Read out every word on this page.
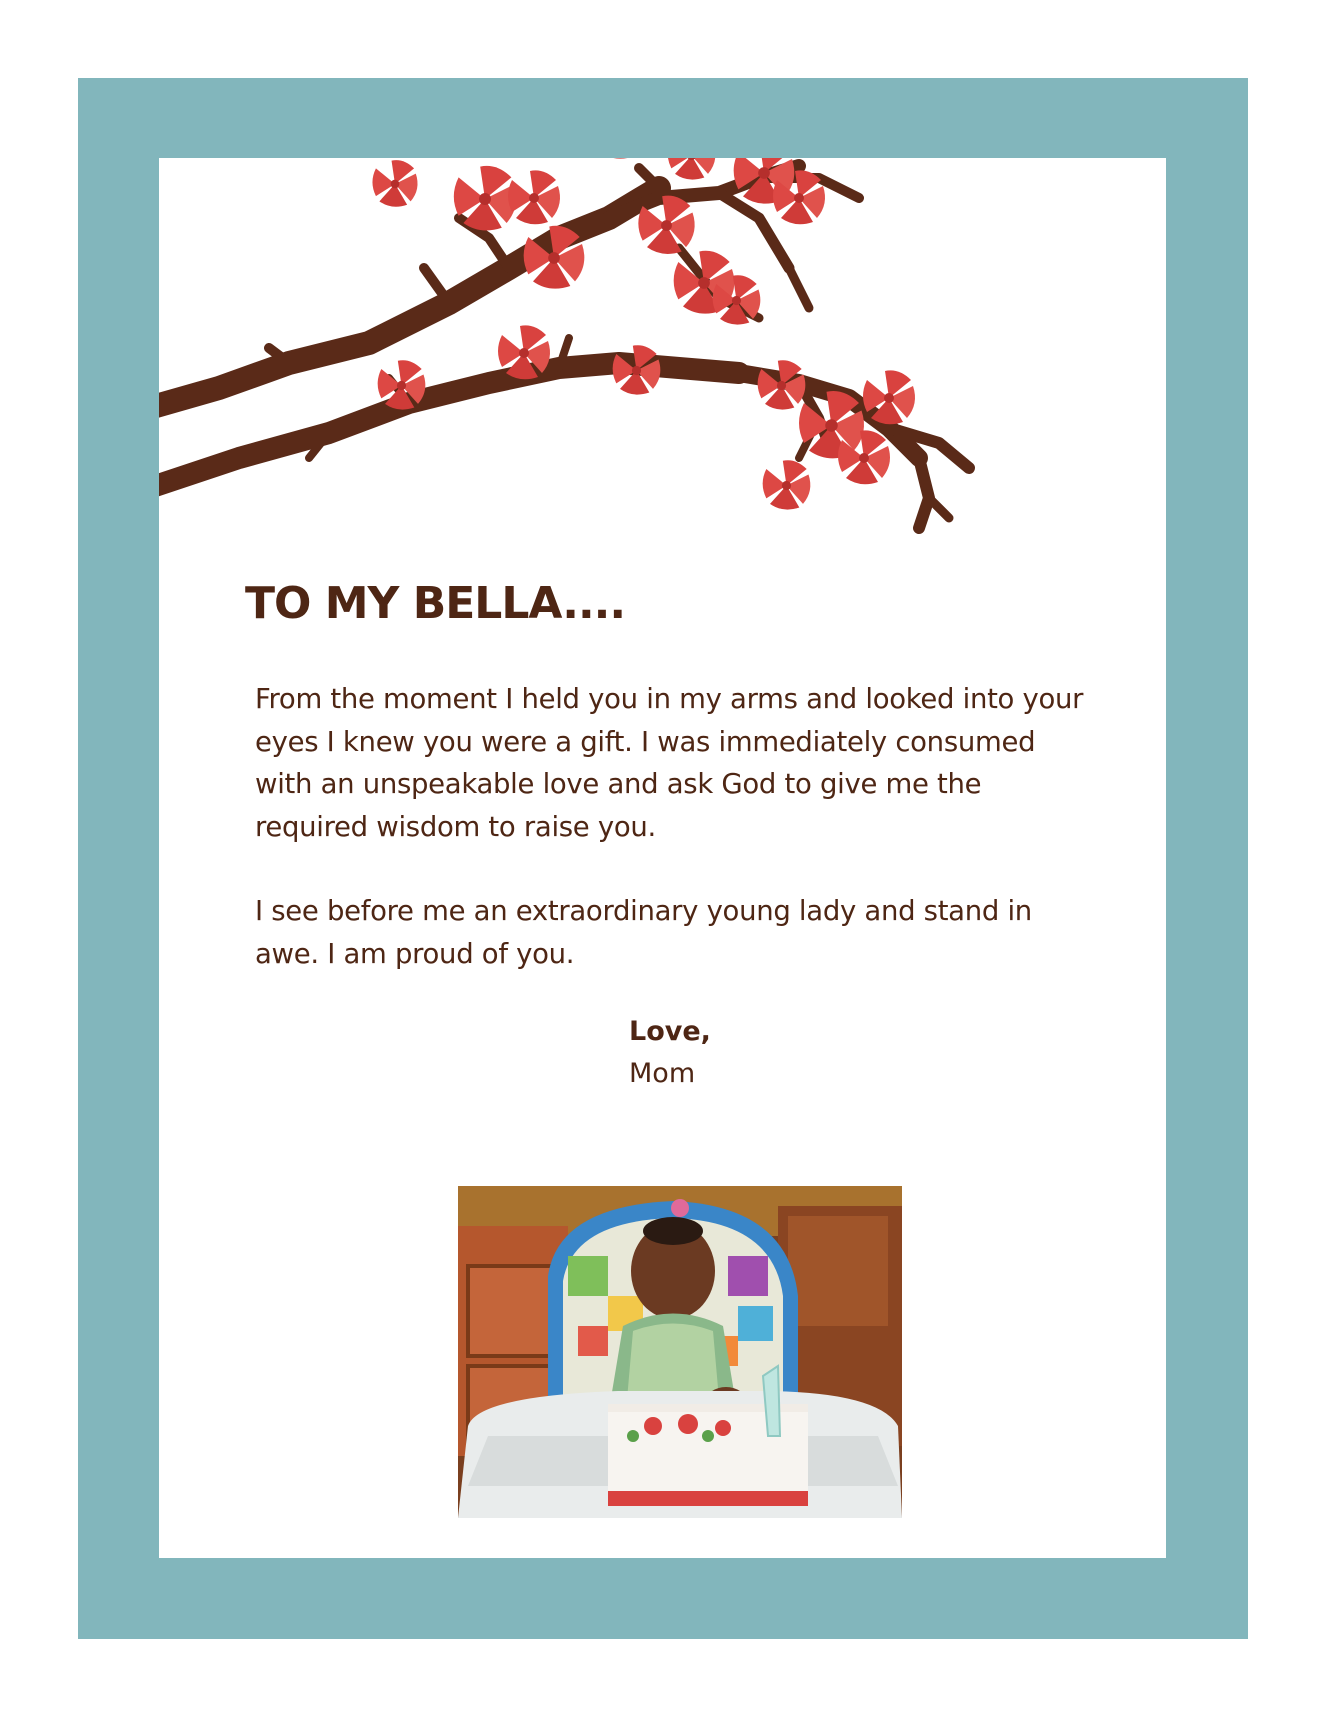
TO MY BELLA....
From the moment I held you in my arms and looked into your eyes I knew you were a gift. I was immediately consumed with an unspeakable love and ask God to give me the required wisdom to raise you.
I see before me an extraordinary young lady and stand in awe. I am proud of you.
Love,
Mom
